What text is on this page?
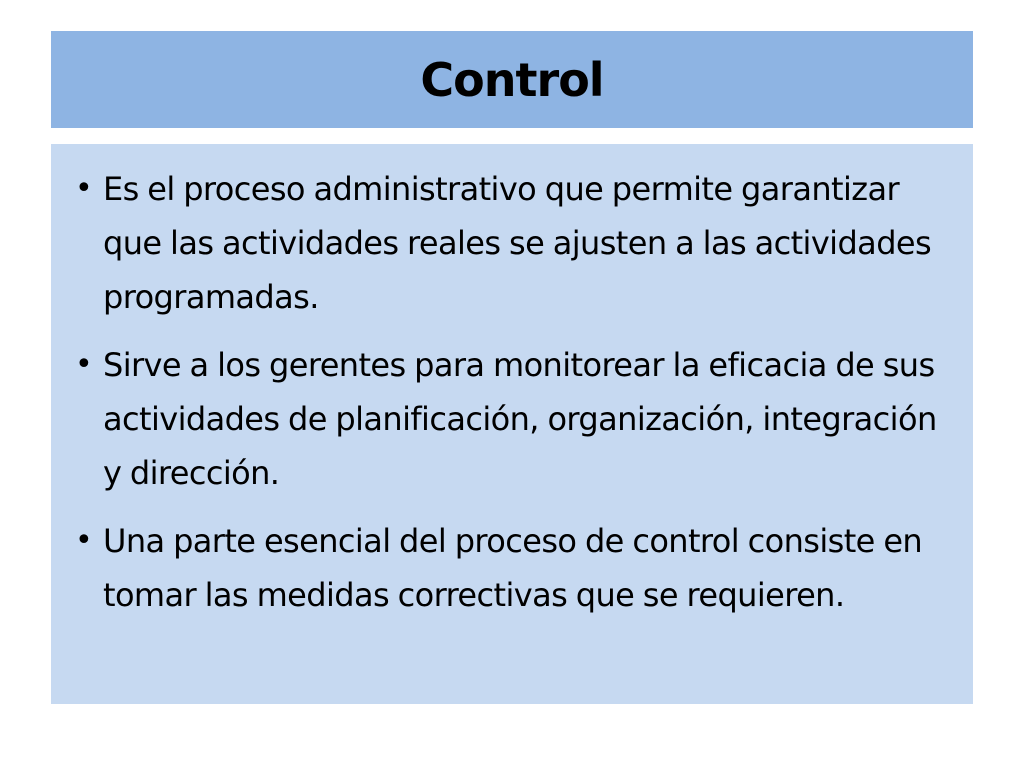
Control
• Es el proceso administrativo que permite garantizar que las actividades reales se ajusten a las actividades programadas.
• Sirve a los gerentes para monitorear la eficacia de sus actividades de planificación, organización, integración y dirección.
• Una parte esencial del proceso de control consiste en tomar las medidas correctivas que se requieren.
